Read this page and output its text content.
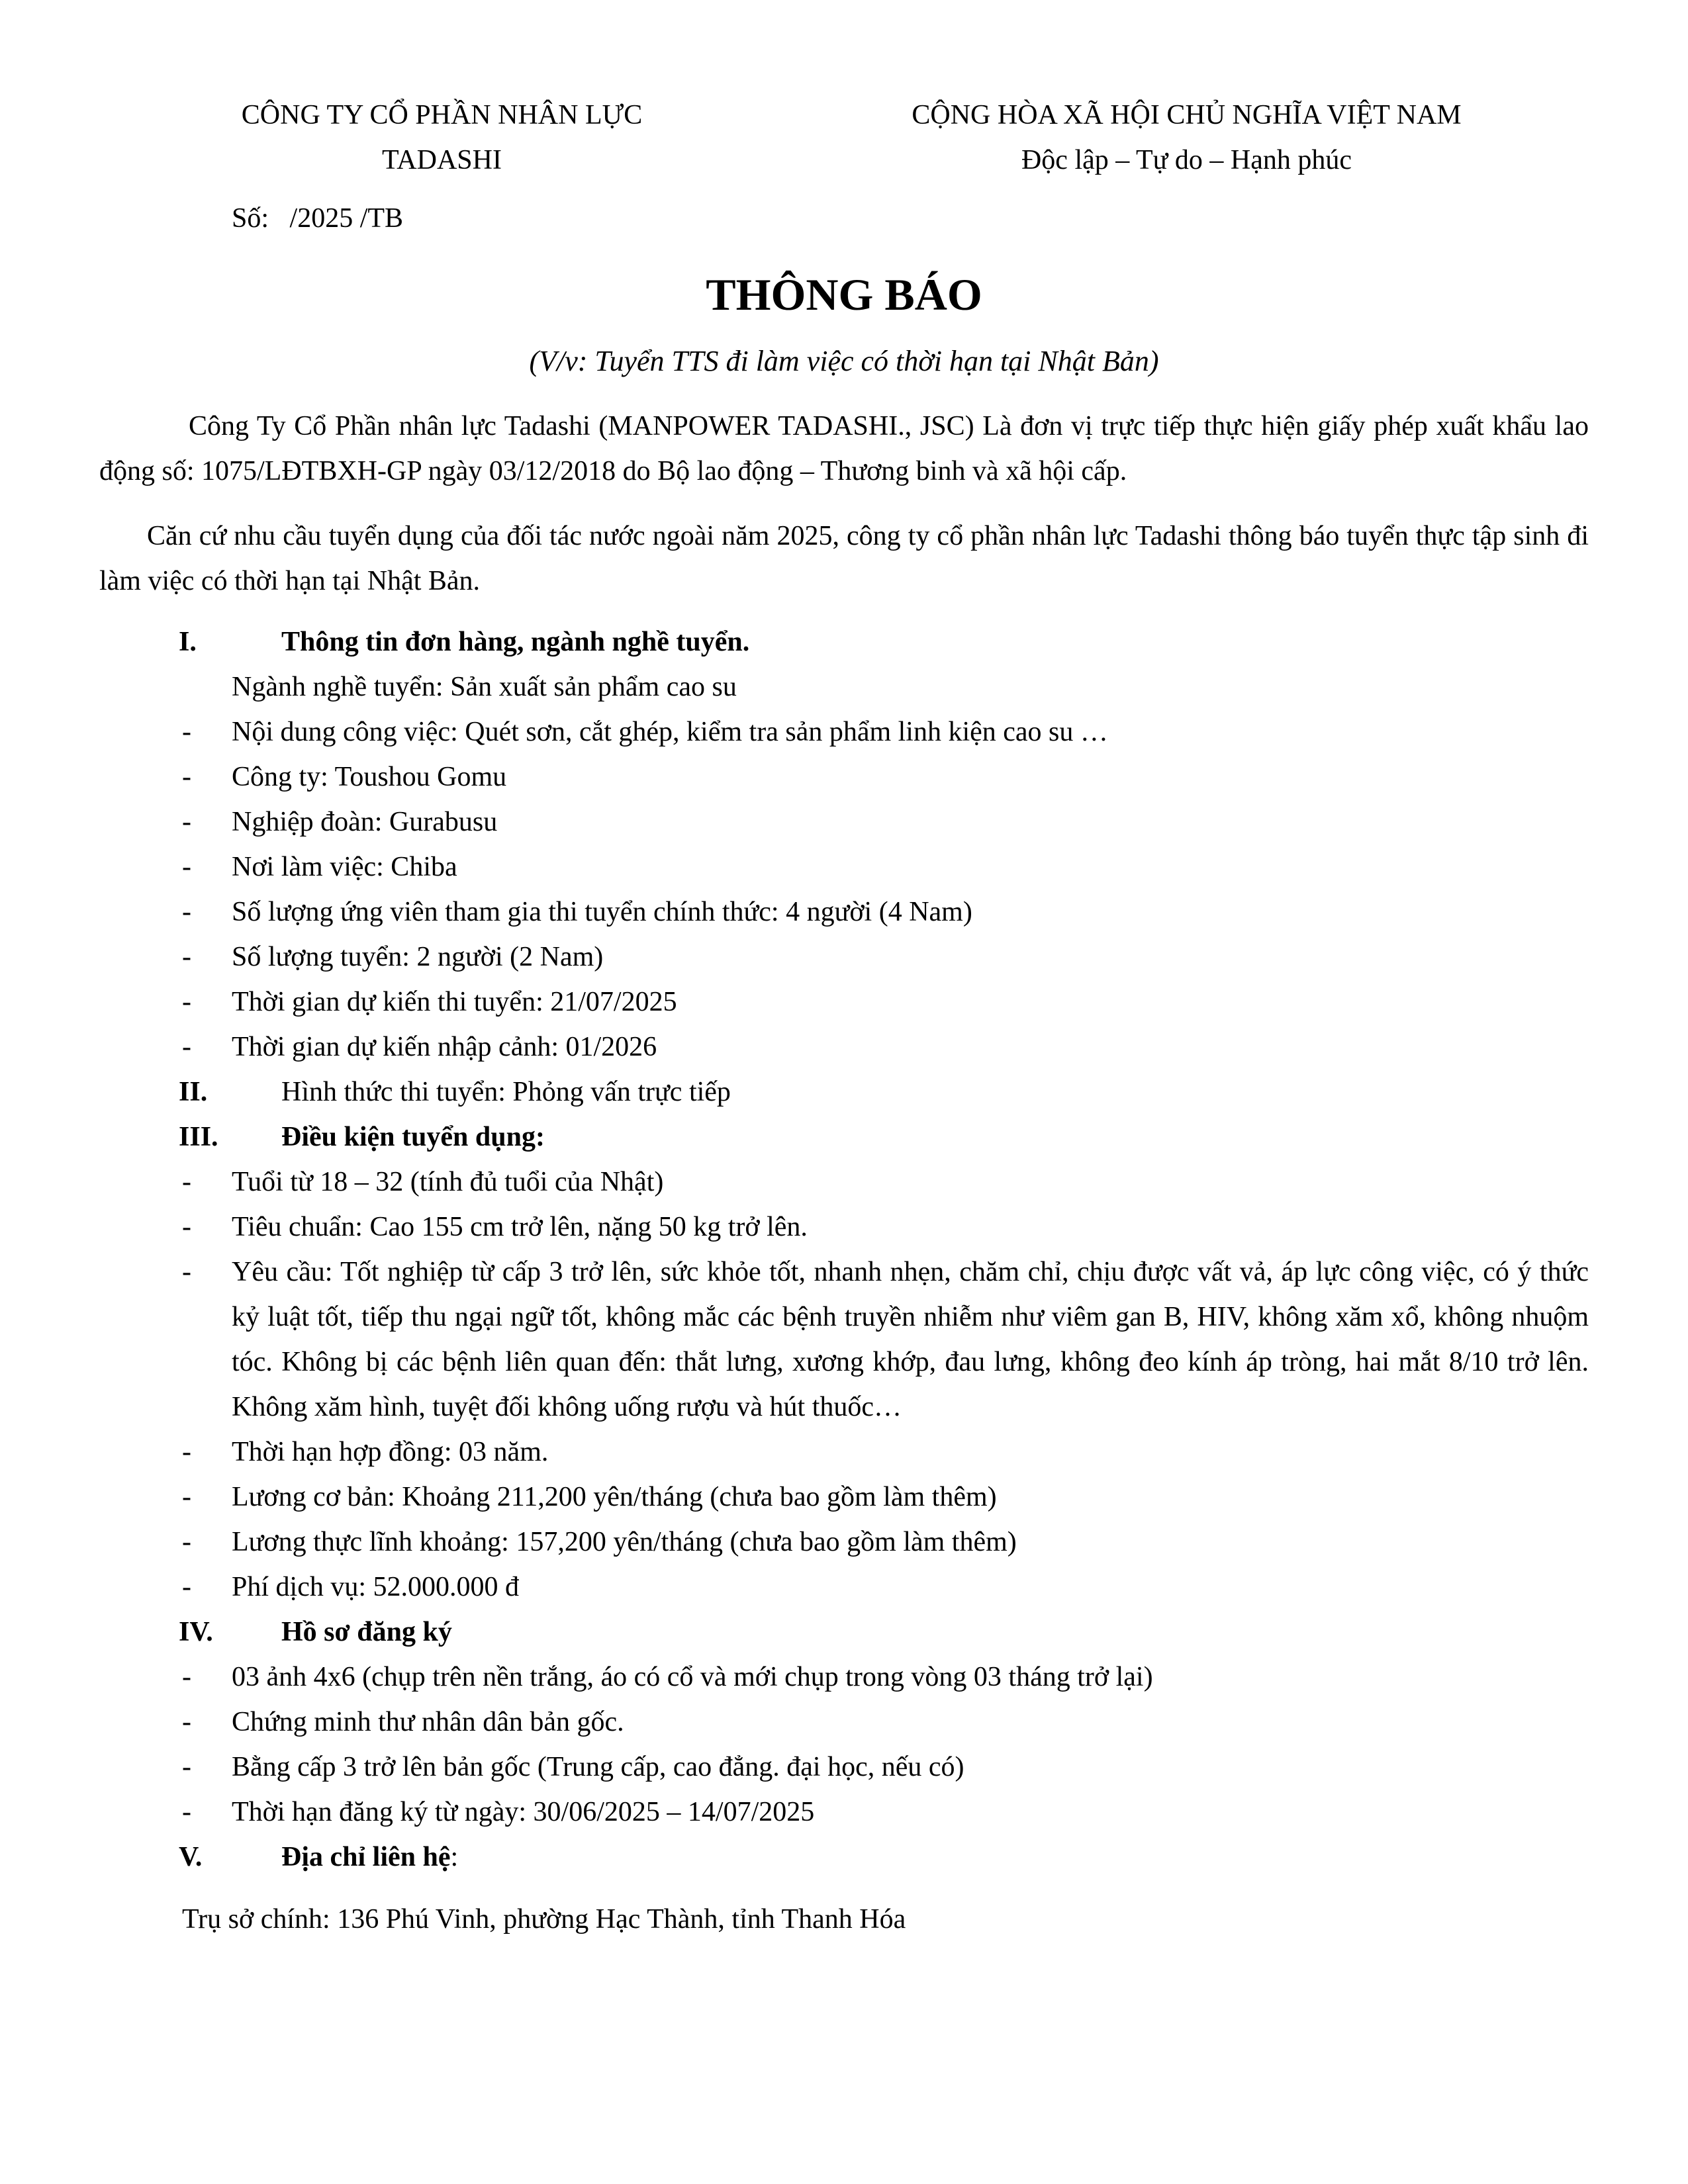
CÔNG TY CỔ PHẦN NHÂN LỰC
TADASHI
CỘNG HÒA XÃ HỘI CHỦ NGHĨA VIỆT NAM
Độc lập – Tự do – Hạnh phúc
Số:   /2025 /TB
THÔNG BÁO
(V/v: Tuyển TTS đi làm việc có thời hạn tại Nhật Bản)

Công Ty Cổ Phần nhân lực Tadashi (MANPOWER TADASHI., JSC) Là đơn vị trực tiếp thực hiện giấy phép xuất khẩu lao động số: 1075/LĐTBXH-GP ngày 03/12/2018 do Bộ lao động – Thương binh và xã hội cấp.

Căn cứ nhu cầu tuyển dụng của đối tác nước ngoài năm 2025, công ty cổ phần nhân lực Tadashi thông báo tuyển thực tập sinh đi làm việc có thời hạn tại Nhật Bản.

I.	Thông tin đơn hàng, ngành nghề tuyển.
Ngành nghề tuyển: Sản xuất sản phẩm cao su
-	Nội dung công việc: Quét sơn, cắt ghép, kiểm tra sản phẩm linh kiện cao su …
-	Công ty: Toushou Gomu
-	Nghiệp đoàn: Gurabusu
-	Nơi làm việc: Chiba
-	Số lượng ứng viên tham gia thi tuyển chính thức: 4 người (4 Nam)
-	Số lượng tuyển: 2 người (2 Nam)
-	Thời gian dự kiến thi tuyển: 21/07/2025
-	Thời gian dự kiến nhập cảnh: 01/2026
II.	Hình thức thi tuyển: Phỏng vấn trực tiếp
III.	Điều kiện tuyển dụng:
-	Tuổi từ 18 – 32 (tính đủ tuổi của Nhật)
-	Tiêu chuẩn: Cao 155 cm trở lên, nặng 50 kg trở lên.
-	Yêu cầu: Tốt nghiệp từ cấp 3 trở lên, sức khỏe tốt, nhanh nhẹn, chăm chỉ, chịu được vất vả, áp lực công việc, có ý thức kỷ luật tốt, tiếp thu ngại ngữ tốt, không mắc các bệnh truyền nhiễm như viêm gan B, HIV, không xăm xổ, không nhuộm tóc. Không bị các bệnh liên quan đến: thắt lưng, xương khớp, đau lưng, không đeo kính áp tròng, hai mắt 8/10 trở lên. Không xăm hình, tuyệt đối không uống rượu và hút thuốc…
-	Thời hạn hợp đồng: 03 năm.
-	Lương cơ bản: Khoảng 211,200 yên/tháng (chưa bao gồm làm thêm)
-	Lương thực lĩnh khoảng: 157,200 yên/tháng (chưa bao gồm làm thêm)
-	Phí dịch vụ: 52.000.000 đ
IV.	Hồ sơ đăng ký
-	03 ảnh 4x6 (chụp trên nền trắng, áo có cổ và mới chụp trong vòng 03 tháng trở lại)
-	Chứng minh thư nhân dân bản gốc.
-	Bằng cấp 3 trở lên bản gốc (Trung cấp, cao đẳng. đại học, nếu có)
-	Thời hạn đăng ký từ ngày: 30/06/2025 – 14/07/2025
V.	Địa chỉ liên hệ:
Trụ sở chính: 136 Phú Vinh, phường Hạc Thành, tỉnh Thanh Hóa
